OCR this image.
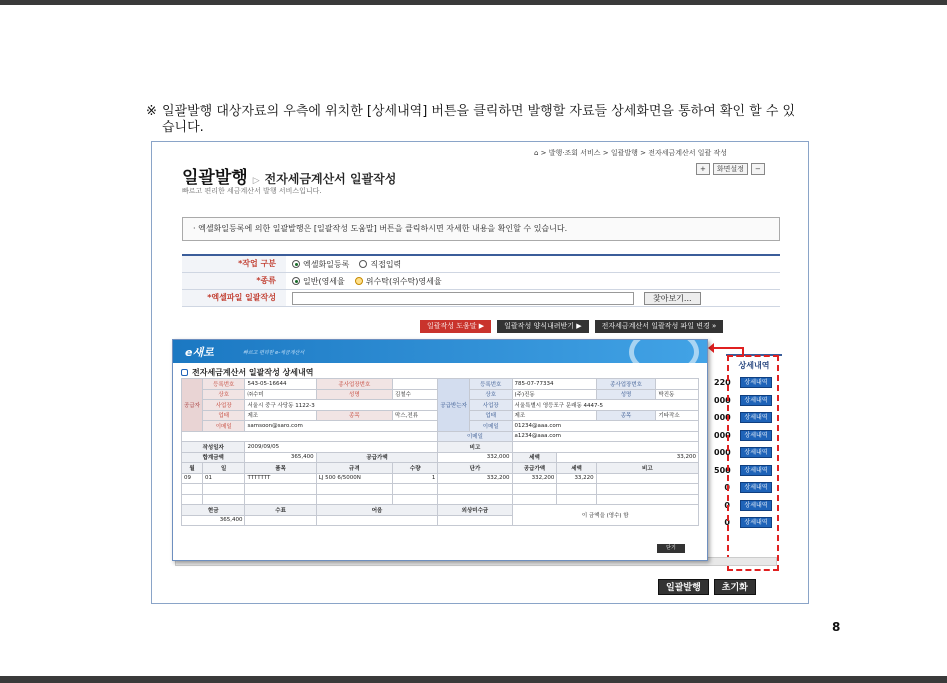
※ 일괄발행 대상자료의 우측에 위치한 [상세내역] 버튼을 클릭하면 발행할 자료들 상세화면을 통하여 확인 할 수 있습니다.
⌂ > 발행·조회 서비스 > 일괄발행 > 전자세금계산서 일괄 작성
+	화면설정	−
일괄발행 ▷ 전자세금계산서 일괄작성
빠르고 편리한 세금계산서 발행 서비스입니다.
· 엑셀화일등록에 의한 일괄발행은 [일괄작성 도움말] 버튼을 클릭하시면 자세한 내용을 확인할 수 있습니다.
*작업 구분	엑셀화일등록	직접입력
*종류	일반(영세율	위수탁(위수탁)영세율
*엑셀파일 일괄작성	찾아보기...
일괄작성 도움말 ▶	일괄작성 양식내려받기 ▶	전자세금계산서 일괄작성 파일 변경 »
상세내역
220	상세내역
000	상세내역
000	상세내역
000	상세내역
000	상세내역
500	상세내역
0	상세내역
0	상세내역
0	상세내역
일괄발행	초기화
e새로	빠르고 편리한 e-세금계산서
전자세금계산서 일괄작성 상세내역
공급자	등록번호	543-05-16644	종사업장번호		공급받는자	등록번호	785-07-77334		종사업장번호	
	상호	㈜수미	성명	김철수		상호	(주)진동		성명	박진동
	사업장	서울시 중구 사당동 1122-3				사업장	서울특별시 영등포구 문래동 4447-5			
	업태	제조	종목	막스,전류		업태	제조		종목	기타작소
	이메일	samsoon@saro.com				이메일	01234@aaa.com			
					이메일		a1234@aaa.com			
작성일자		2009/09/05			비고					
합계금액		365,400	공급가액		332,000		세액	33,200		
월	일	품목	규격	수량	단가		공급가액	세액	비고	
09	01	TTTTTTT	LJ 500 6/5000N	1	332,200		332,200	33,220		

현금		수표	어음		외상미수금		이 금액을 (영수) 함			
365,400										
닫기
8
